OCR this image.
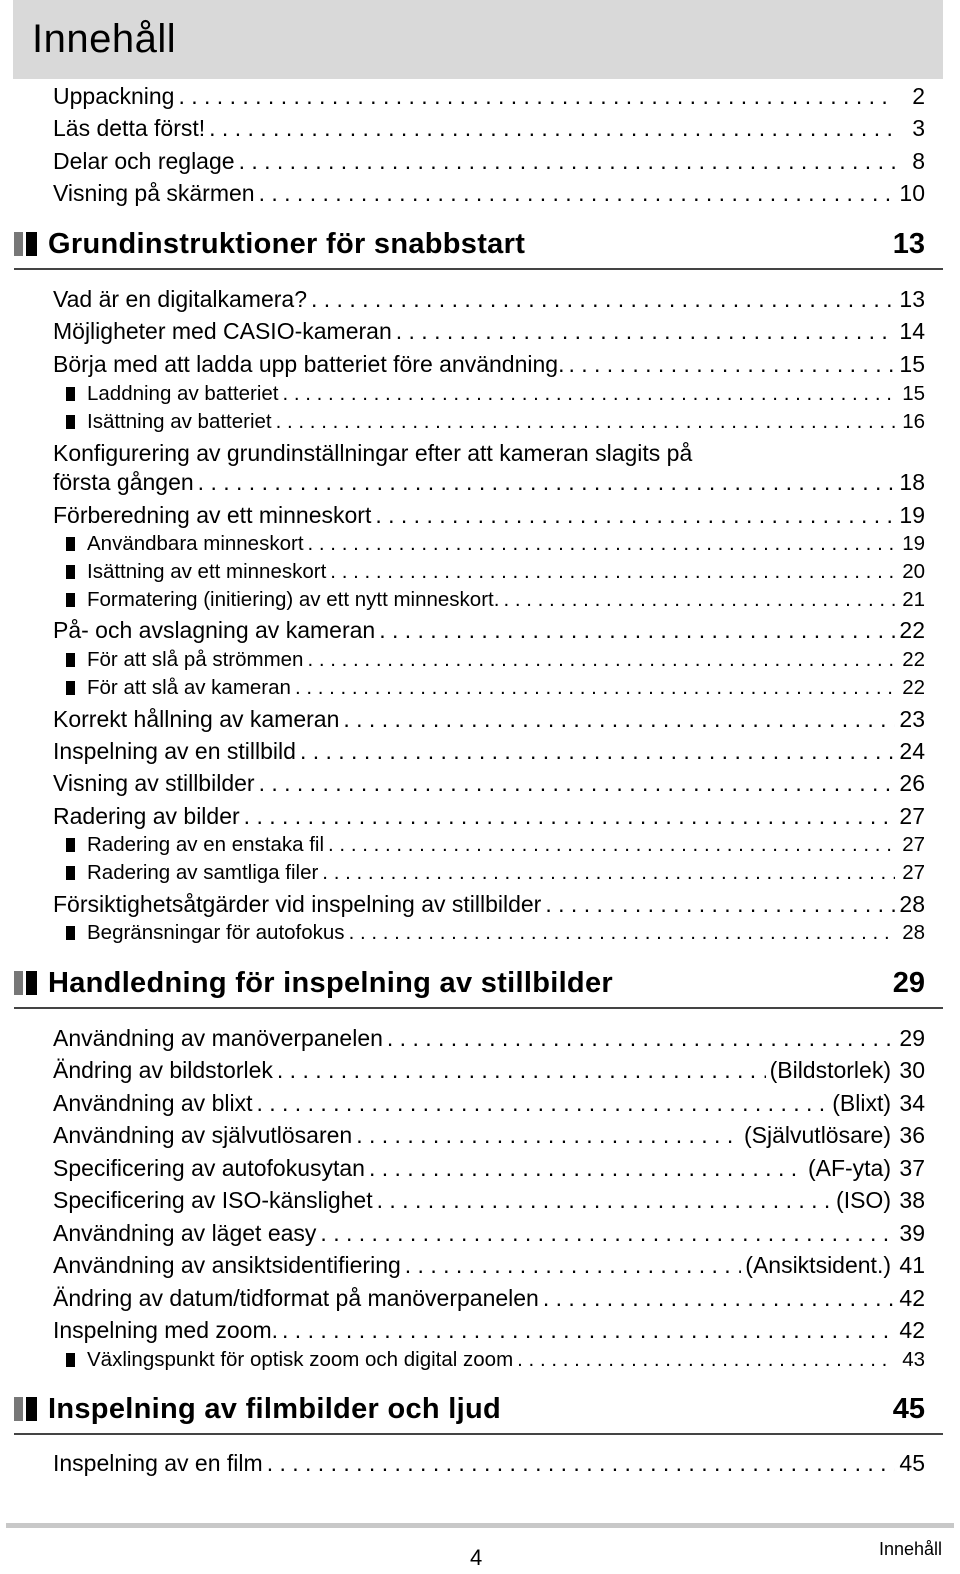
Innehåll
Uppackning . . .	2
Läs detta först! . . .	3
Delar och reglage . . .	8
Visning på skärmen . . .	10
Grundinstruktioner för snabbstart	13
Vad är en digitalkamera? . . .	13
Möjligheter med CASIO-kameran . . .	14
Börja med att ladda upp batteriet före användning. . . .	15
Laddning av batteriet . . .	15
Isättning av batteriet . . .	16
Konfigurering av grundinställningar efter att kameran slagits på
första gången . . .	18
Förberedning av ett minneskort . . .	19
Användbara minneskort . . .	19
Isättning av ett minneskort . . .	20
Formatering (initiering) av ett nytt minneskort. . . .	21
På- och avslagning av kameran . . .	22
För att slå på strömmen . . .	22
För att slå av kameran . . .	22
Korrekt hållning av kameran . . .	23
Inspelning av en stillbild . . .	24
Visning av stillbilder . . .	26
Radering av bilder . . .	27
Radering av en enstaka fil . . .	27
Radering av samtliga filer . . .	27
Försiktighetsåtgärder vid inspelning av stillbilder . . .	28
Begränsningar för autofokus . . .	28
Handledning för inspelning av stillbilder	29
Användning av manöverpanelen . . .	29
Ändring av bildstorlek . . .	(Bildstorlek) 30
Användning av blixt . . .	(Blixt) 34
Användning av självutlösaren . . .	(Självutlösare) 36
Specificering av autofokusytan . . .	(AF-yta) 37
Specificering av ISO-känslighet . . .	(ISO) 38
Användning av läget easy . . .	39
Användning av ansiktsidentifiering . . .	(Ansiktsident.) 41
Ändring av datum/tidformat på manöverpanelen . . .	42
Inspelning med zoom. . . .	42
Växlingspunkt för optisk zoom och digital zoom . . .	43
Inspelning av filmbilder och ljud	45
Inspelning av en film . . .	45
4	Innehåll
